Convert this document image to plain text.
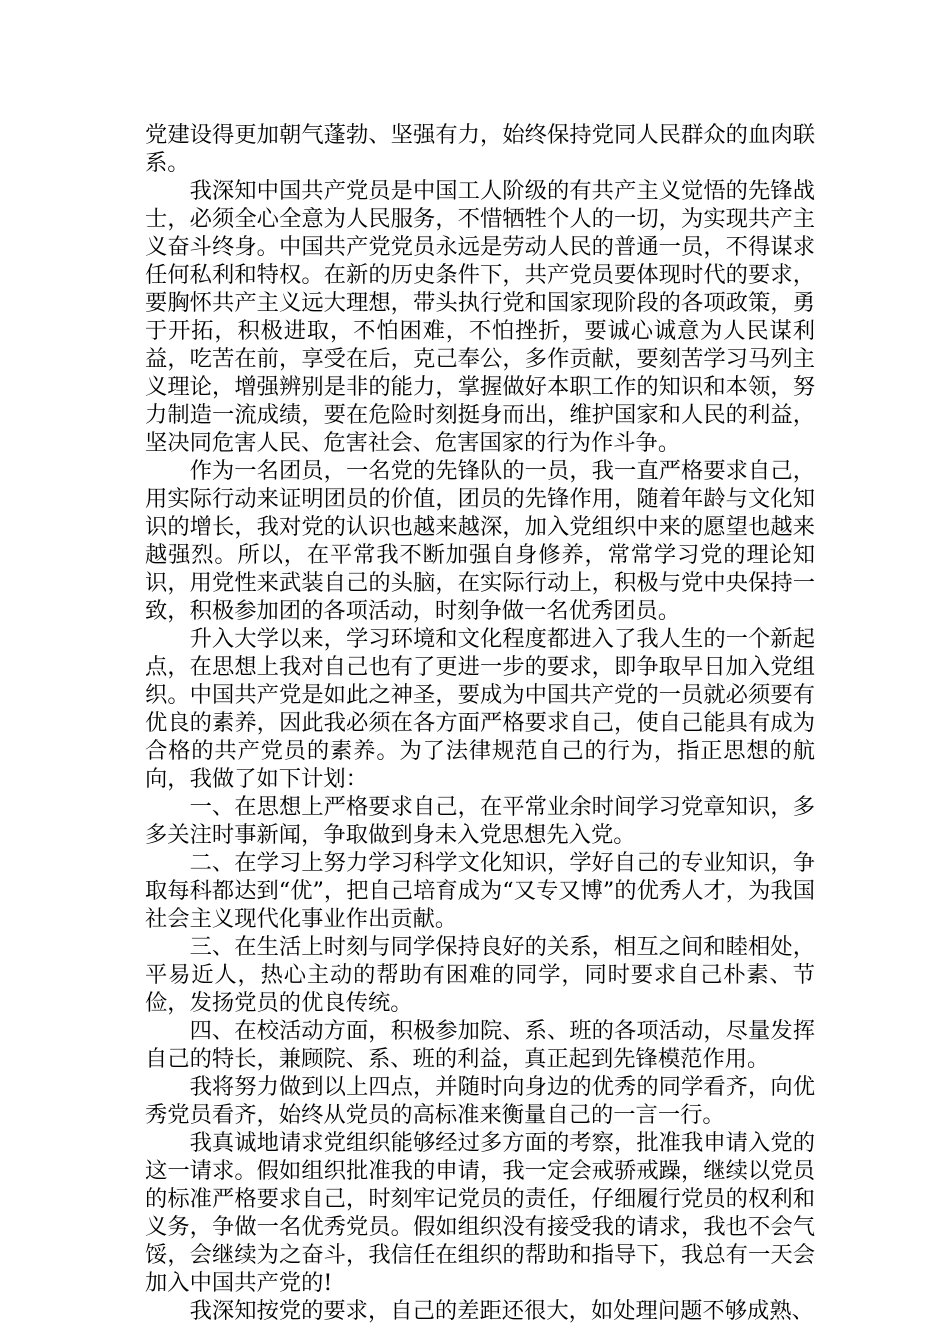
党建设得更加朝气蓬勃、坚强有力，始终保持党同人民群众的血肉联系。

我深知中国共产党员是中国工人阶级的有共产主义觉悟的先锋战士，必须全心全意为人民服务，不惜牺牲个人的一切，为实现共产主义奋斗终身。中国共产党党员永远是劳动人民的普通一员，不得谋求任何私利和特权。在新的历史条件下，共产党员要体现时代的要求，要胸怀共产主义远大理想，带头执行党和国家现阶段的各项政策，勇于开拓，积极进取，不怕困难，不怕挫折，要诚心诚意为人民谋利益，吃苦在前，享受在后，克己奉公，多作贡献，要刻苦学习马列主义理论，增强辨别是非的能力，掌握做好本职工作的知识和本领，努力制造一流成绩，要在危险时刻挺身而出，维护国家和人民的利益，坚决同危害人民、危害社会、危害国家的行为作斗争。

作为一名团员，一名党的先锋队的一员，我一直严格要求自己，用实际行动来证明团员的价值，团员的先锋作用，随着年龄与文化知识的增长，我对党的认识也越来越深，加入党组织中来的愿望也越来越强烈。所以，在平常我不断加强自身修养，常常学习党的理论知识，用党性来武装自己的头脑，在实际行动上，积极与党中央保持一致，积极参加团的各项活动，时刻争做一名优秀团员。

升入大学以来，学习环境和文化程度都进入了我人生的一个新起点，在思想上我对自己也有了更进一步的要求，即争取早日加入党组织。中国共产党是如此之神圣，要成为中国共产党的一员就必须要有优良的素养，因此我必须在各方面严格要求自己，使自己能具有成为合格的共产党员的素养。为了法律规范自己的行为，指正思想的航向，我做了如下计划：

一、在思想上严格要求自己，在平常业余时间学习党章知识，多多关注时事新闻，争取做到身未入党思想先入党。

二、在学习上努力学习科学文化知识，学好自己的专业知识，争取每科都达到“优”，把自己培育成为“又专又博”的优秀人才，为我国社会主义现代化事业作出贡献。

三、在生活上时刻与同学保持良好的关系，相互之间和睦相处，平易近人，热心主动的帮助有困难的同学，同时要求自己朴素、节俭，发扬党员的优良传统。

四、在校活动方面，积极参加院、系、班的各项活动，尽量发挥自己的特长，兼顾院、系、班的利益，真正起到先锋模范作用。

我将努力做到以上四点，并随时向身边的优秀的同学看齐，向优秀党员看齐，始终从党员的高标准来衡量自己的一言一行。

我真诚地请求党组织能够经过多方面的考察，批准我申请入党的这一请求。假如组织批准我的申请，我一定会戒骄戒躁，继续以党员的标准严格要求自己，时刻牢记党员的责任，仔细履行党员的权利和义务，争做一名优秀党员。假如组织没有接受我的请求，我也不会气馁，会继续为之奋斗，我信任在组织的帮助和指导下，我总有一天会加入中国共产党的!

我深知按党的要求，自己的差距还很大，如处理问题不够成熟、
